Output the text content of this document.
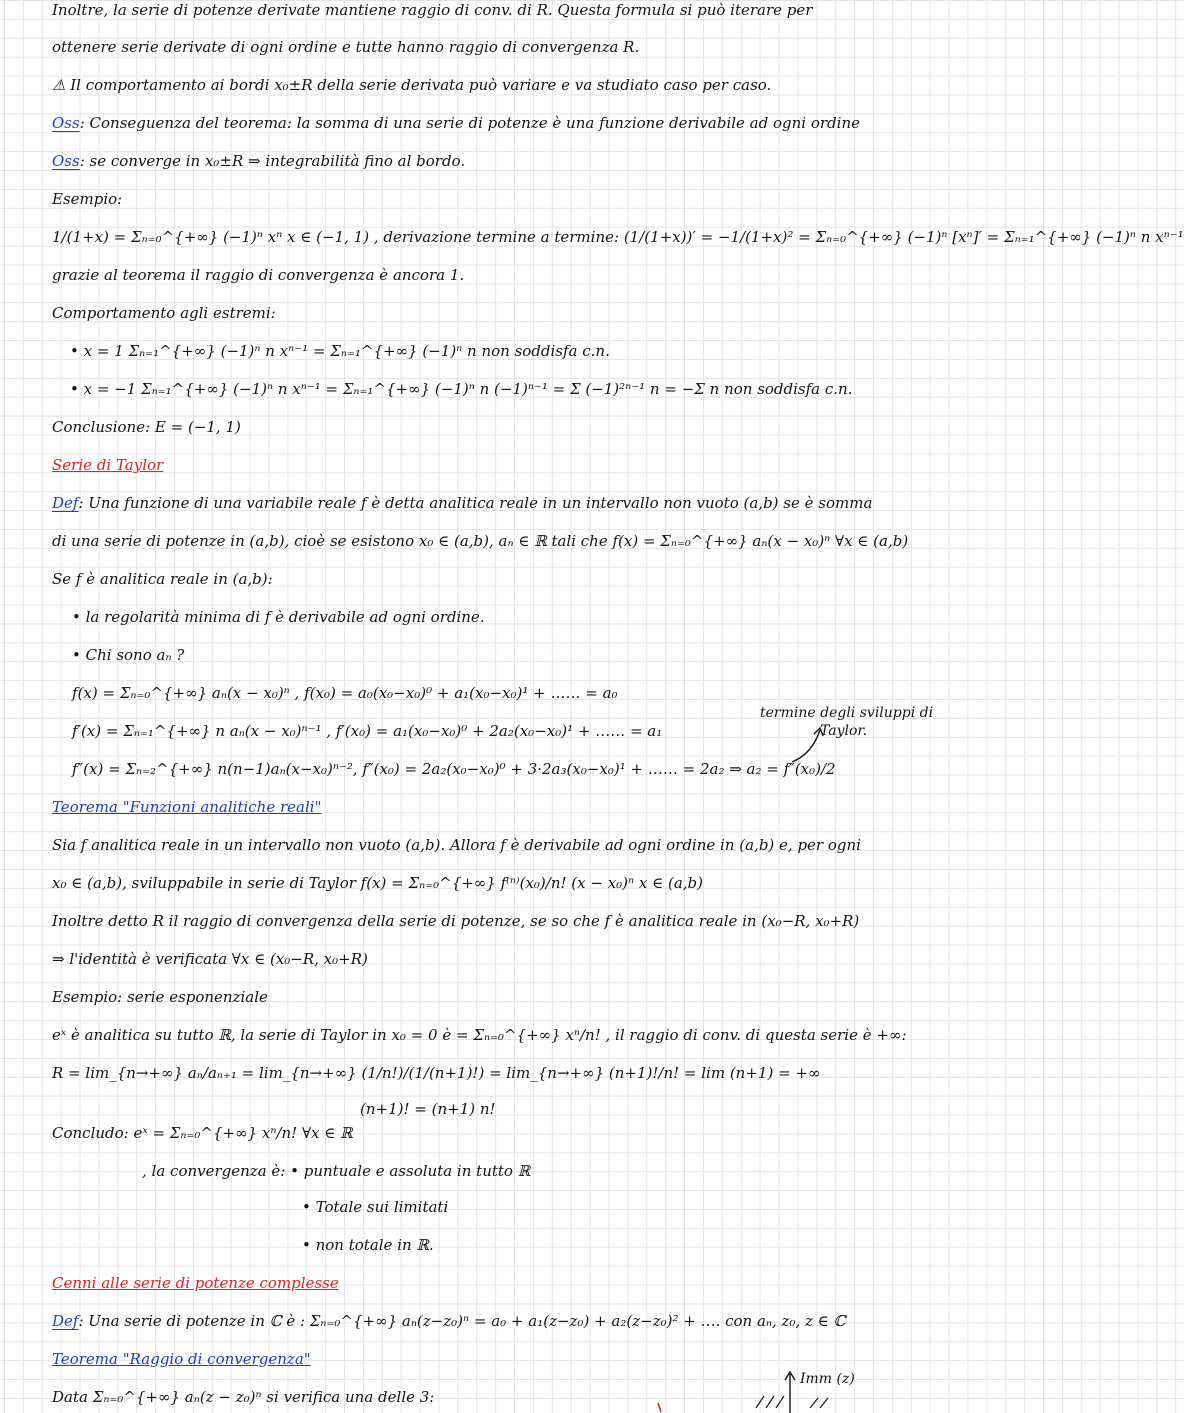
Inoltre, la serie di potenze derivate mantiene raggio di conv. di R. Questa formula si può iterare per
ottenere serie derivate di ogni ordine e tutte hanno raggio di convergenza R.
⚠ Il comportamento ai bordi x₀±R della serie derivata può variare e va studiato caso per caso.
Oss: Conseguenza del teorema: la somma di una serie di potenze è una funzione derivabile ad ogni ordine
Oss: se converge in x₀±R ⇒ integrabilità fino al bordo.
Esempio:
1/(1+x) = Σₙ₌₀^{+∞} (−1)ⁿ xⁿ x ∈ (−1, 1) , derivazione termine a termine: (1/(1+x))′ = −1/(1+x)² = Σₙ₌₀^{+∞} (−1)ⁿ [xⁿ]′ = Σₙ₌₁^{+∞} (−1)ⁿ n xⁿ⁻¹
grazie al teorema il raggio di convergenza è ancora 1.
Comportamento agli estremi:
• x = 1 Σₙ₌₁^{+∞} (−1)ⁿ n xⁿ⁻¹ = Σₙ₌₁^{+∞} (−1)ⁿ n non soddisfa c.n.
• x = −1 Σₙ₌₁^{+∞} (−1)ⁿ n xⁿ⁻¹ = Σₙ₌₁^{+∞} (−1)ⁿ n (−1)ⁿ⁻¹ = Σ (−1)²ⁿ⁻¹ n = −Σ n non soddisfa c.n.
Conclusione: E = (−1, 1)
Serie di Taylor
Def: Una funzione di una variabile reale f è detta analitica reale in un intervallo non vuoto (a,b) se è somma
di una serie di potenze in (a,b), cioè se esistono x₀ ∈ (a,b), aₙ ∈ ℝ tali che f(x) = Σₙ₌₀^{+∞} aₙ(x − x₀)ⁿ ∀x ∈ (a,b)
Se f è analitica reale in (a,b):
• la regolarità minima di f è derivabile ad ogni ordine.
• Chi sono aₙ ?
f(x) = Σₙ₌₀^{+∞} aₙ(x − x₀)ⁿ , f(x₀) = a₀(x₀−x₀)⁰ + a₁(x₀−x₀)¹ + …… = a₀
f′(x) = Σₙ₌₁^{+∞} n aₙ(x − x₀)ⁿ⁻¹ , f′(x₀) = a₁(x₀−x₀)⁰ + 2a₂(x₀−x₀)¹ + …… = a₁
f″(x) = Σₙ₌₂^{+∞} n(n−1)aₙ(x−x₀)ⁿ⁻², f″(x₀) = 2a₂(x₀−x₀)⁰ + 3·2a₃(x₀−x₀)¹ + …… = 2a₂ ⇒ a₂ = f″(x₀)/2
Teorema "Funzioni analitiche reali"
Sia f analitica reale in un intervallo non vuoto (a,b). Allora f è derivabile ad ogni ordine in (a,b) e, per ogni
x₀ ∈ (a,b), sviluppabile in serie di Taylor f(x) = Σₙ₌₀^{+∞} f⁽ⁿ⁾(x₀)/n! (x − x₀)ⁿ x ∈ (a,b)
Inoltre detto R il raggio di convergenza della serie di potenze, se so che f è analitica reale in (x₀−R, x₀+R)
⇒ l'identità è verificata ∀x ∈ (x₀−R, x₀+R)
Esempio: serie esponenziale
eˣ è analitica su tutto ℝ, la serie di Taylor in x₀ = 0 è = Σₙ₌₀^{+∞} xⁿ/n! , il raggio di conv. di questa serie è +∞:
R = lim_{n→+∞} aₙ/aₙ₊₁ = lim_{n→+∞} (1/n!)/(1/(n+1)!) = lim_{n→+∞} (n+1)!/n! = lim (n+1) = +∞
(n+1)! = (n+1) n!
Concludo: eˣ = Σₙ₌₀^{+∞} xⁿ/n! ∀x ∈ ℝ
, la convergenza è: • puntuale e assoluta in tutto ℝ
• Totale sui limitati
• non totale in ℝ.
Cenni alle serie di potenze complesse
Def: Una serie di potenze in ℂ è : Σₙ₌₀^{+∞} aₙ(z−z₀)ⁿ = a₀ + a₁(z−z₀) + a₂(z−z₀)² + …. con aₙ, z₀, z ∈ ℂ
Teorema "Raggio di convergenza"
Data Σₙ₌₀^{+∞} aₙ(z − z₀)ⁿ si verifica una delle 3:
termine degli sviluppi di
Taylor.
Imm (z)
